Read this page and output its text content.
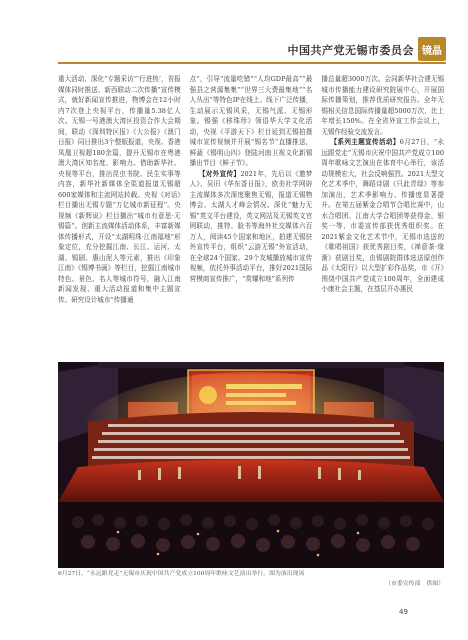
中国共产党无锡市委员会 镜晶

重大活动、深化“专题采访”‘行进热’，省报媒体同时推送、新西联动二次传播”宣传模式，就好新闻宣传推进，物博会在12小时内7次登上央视平台，传播量5.38亿人次。无锡一号港澳大湾区投资合作大会期间，联动《深圳特区报》《大公报》《澳门日报》同日推出3个整版报道，央视、香港凤凰卫视超180余篇，提升无锡市在粤港澳大湾区知名度、影响力。借助新华社、央视等平台，推出昆虫书院、民生实事等内容，新华社新媒体全渠道报道无锡超600家媒体和主流网站转载。央视《对话》栏目播出无锡专题“万亿城市新征程”。央视频《新辉说》栏目播出“城市有意思·无锡篇”。创新主流媒体活动体系，丰富新媒体传播形式，开设“太湖明珠·江南福地”形象定位，充分挖掘江南、长江、运河、太湖、锡剧、惠山泥人等元素，推出《印象江南》《锡博书画》等栏目，挖掘江南城市特色、景色、名人等城市符号，融入江南新闻发现、重大活动报道和集中主题宣传。研究设计城市“传播通

点”，引导“流量吃错”“人均GDP最高”“最强县之营源集集”“世界三大费最集地”“名人丛出”等特色IP在线上、线下广泛传播，生动展示无锡风采，无锡气派、无锡形象。锡强《移珠珍》领语华大学文化活动，央视《平游天下》栏目延到无锡拍摄城市宣传视频并开展“锡名节”直播推送，鲜蔬《锡明山四》登陆河南卫视文化新锡播出节目《鲜子节》。

【对外宣传】2021年，先后以《邀梦人》、吴旧《华东香日报》，欧美社学网辟主流媒体多次深度聚焦无锡，报道无锡物博会、太湖人才峰会情况。深化“魅力无锡”英文平台建设，英文网站及无锡英文官网联动，推特、脸书等海外社交媒体六百万人，阅读45个国家和地区，拍建无锡驻外宣传平台，组织“云游无锡”外宣活动，在全球24个国家、29个友城播放城市宣传视频，依托外事活动平台，推好2021国际营模商宣传推广，“赏耀和地”系列传

播总量超3000万次。会同新华社合建无锡城市传播能力建设研究院展中心，开展国际传播策划，推荐优质研究报告。全年无锡相关信息国际传播量超5000万次，比上年增长150%。在全省外宣工作会议上，无锡作经验交流发言。

【系列主题宣传活动】6月27日，“永远跟党走”无锡市庆祝中国共产党成立100周年歌咏文艺演出在体育中心举行，该活动规模宏大，社会反响强烈。2021大型文化艺术季中，舞蹈诗剧《只此青绿》等参加演出，艺术季影响力、传播度显著提升。在第五届紫金合唱节合唱比赛中，山水合唱团、江南大学合唱团等获得金、银奖一等、市委宣传部获优秀组织奖。在2021紫金文化艺术节中，无锡市选送的《歌唱祖国》获优秀剧目奖，《禅意茶·缘渐》获剧目奖，由锡剧院群体选送原创作品《太阳行》以大型扩彩作品奖，市《开》围绕中国共产党成立100周年，全面建成小康社会主题，在基层开办惠民

6月27日，“永远跟党走”无锡市庆祝中国共产党成立100周年歌咏文艺演出举行。图为演出现场
（市委宣传部　供图）
49
